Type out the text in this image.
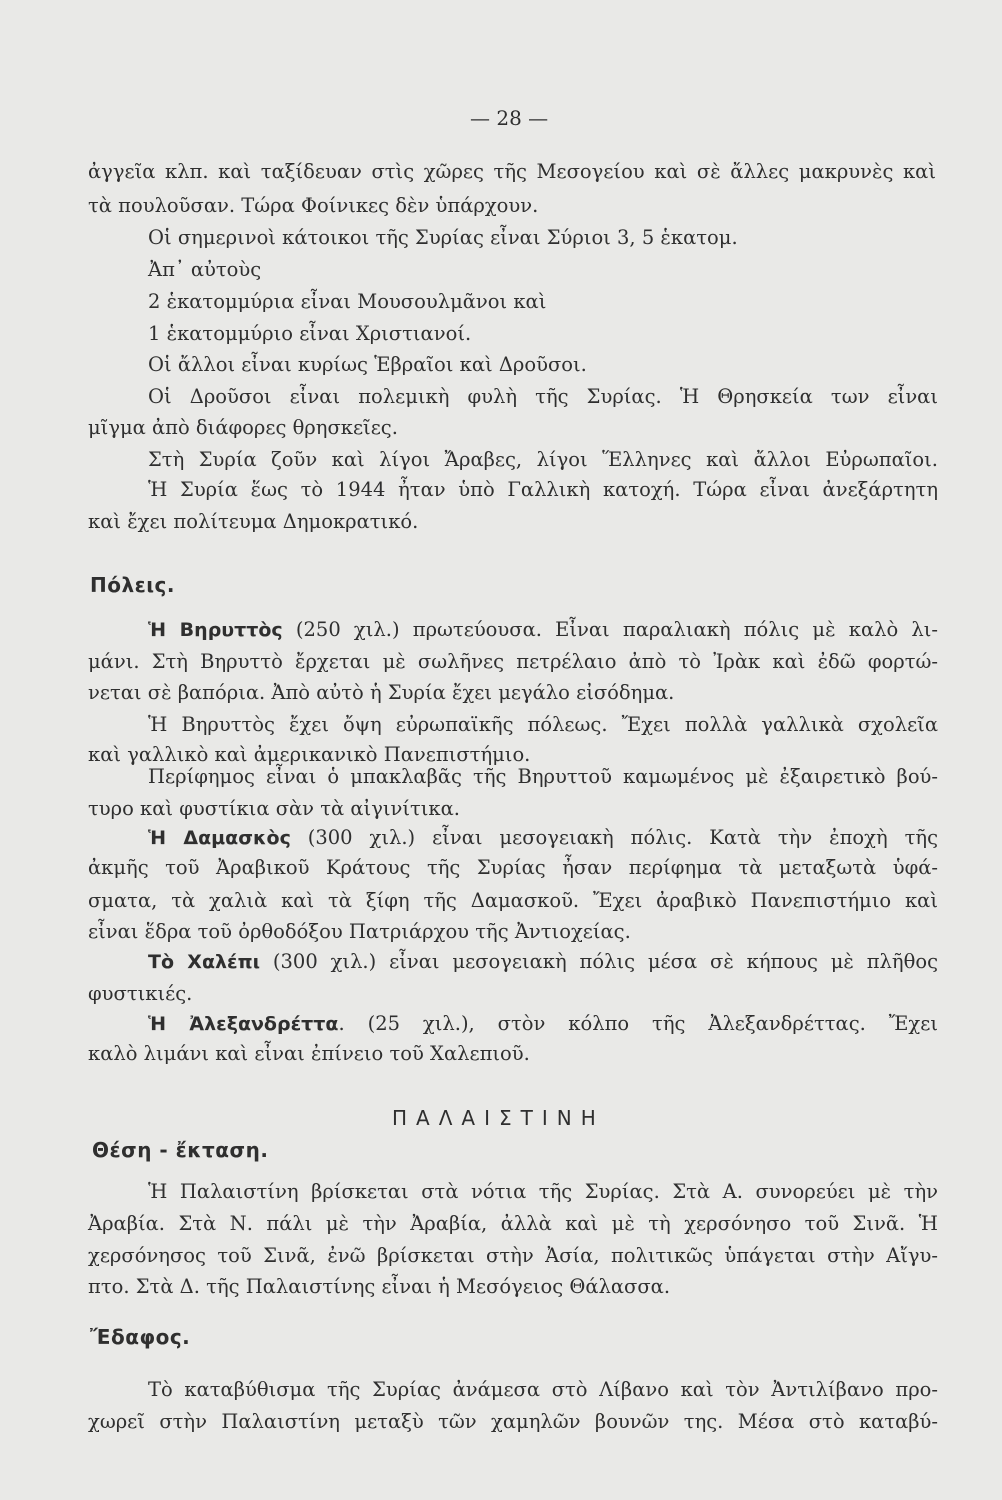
— 28 —

ἀγγεῖα κλπ. καὶ ταξίδευαν στὶς χῶρες τῆς Μεσογείου καὶ σὲ ἄλλες μακρυνὲς καὶ

τὰ πουλοῦσαν. Τώρα Φοίνικες δὲν ὑπάρχουν.

Οἱ σημερινοὶ κάτοικοι τῆς Συρίας εἶναι Σύριοι 3, 5 ἑκατομ.

Ἀπ᾿ αὐτοὺς

2 ἑκατομμύρια εἶναι Μουσουλμᾶνοι καὶ

1 ἑκατομμύριο εἶναι Χριστιανοί.

Οἱ ἄλλοι εἶναι κυρίως Ἑβραῖοι καὶ Δροῦσοι.

Οἱ Δροῦσοι εἶναι πολεμικὴ φυλὴ τῆς Συρίας. Ἡ Θρησκεία των εἶναι

μῖγμα ἀπὸ διάφορες θρησκεῖες.

Στὴ Συρία ζοῦν καὶ λίγοι Ἄραβες, λίγοι Ἕλληνες καὶ ἄλλοι Εὐρωπαῖοι.

Ἡ Συρία ἕως τὸ 1944 ἦταν ὑπὸ Γαλλικὴ κατοχή. Τώρα εἶναι ἀνεξάρτητη

καὶ ἔχει πολίτευμα Δημοκρατικό.

Πόλεις.

Ἡ Βηρυττὸς (250 χιλ.) πρωτεύουσα. Εἶναι παραλιακὴ πόλις μὲ καλὸ λι-

μάνι. Στὴ Βηρυττὸ ἔρχεται μὲ σωλῆνες πετρέλαιο ἀπὸ τὸ Ἰρὰκ καὶ ἐδῶ φορτώ-

νεται σὲ βαπόρια. Ἀπὸ αὐτὸ ἡ Συρία ἔχει μεγάλο εἰσόδημα.

Ἡ Βηρυττὸς ἔχει ὄψη εὐρωπαϊκῆς πόλεως. Ἔχει πολλὰ γαλλικὰ σχολεῖα

καὶ γαλλικὸ καὶ ἀμερικανικὸ Πανεπιστήμιο.

Περίφημος εἶναι ὁ μπακλαβᾶς τῆς Βηρυττοῦ καμωμένος μὲ ἐξαιρετικὸ βού-

τυρο καὶ φυστίκια σὰν τὰ αἰγινίτικα.

Ἡ Δαμασκὸς (300 χιλ.) εἶναι μεσογειακὴ πόλις. Κατὰ τὴν ἐποχὴ τῆς

ἀκμῆς τοῦ Ἀραβικοῦ Κράτους τῆς Συρίας ἦσαν περίφημα τὰ μεταξωτὰ ὑφά-

σματα, τὰ χαλιὰ καὶ τὰ ξίφη τῆς Δαμασκοῦ. Ἔχει ἀραβικὸ Πανεπιστήμιο καὶ

εἶναι ἕδρα τοῦ ὀρθοδόξου Πατριάρχου τῆς Ἀντιοχείας.

Τὸ Χαλέπι (300 χιλ.) εἶναι μεσογειακὴ πόλις μέσα σὲ κήπους μὲ πλῆθος

φυστικιές.

Ἡ Ἀλεξανδρέττα. (25 χιλ.), στὸν κόλπο τῆς Ἀλεξανδρέττας. Ἔχει

καλὸ λιμάνι καὶ εἶναι ἐπίνειο τοῦ Χαλεπιοῦ.

ΠΑΛΑΙΣΤΙΝΗ
Θέση - ἔκταση.

Ἡ Παλαιστίνη βρίσκεται στὰ νότια τῆς Συρίας. Στὰ Α. συνορεύει μὲ τὴν

Ἀραβία. Στὰ Ν. πάλι μὲ τὴν Ἀραβία, ἀλλὰ καὶ μὲ τὴ χερσόνησο τοῦ Σινᾶ. Ἡ

χερσόνησος τοῦ Σινᾶ, ἐνῶ βρίσκεται στὴν Ἀσία, πολιτικῶς ὑπάγεται στὴν Αἴγυ-

πτο. Στὰ Δ. τῆς Παλαιστίνης εἶναι ἡ Μεσόγειος Θάλασσα.

Ἔδαφος.

Τὸ καταβύθισμα τῆς Συρίας ἀνάμεσα στὸ Λίβανο καὶ τὸν Ἀντιλίβανο προ-

χωρεῖ στὴν Παλαιστίνη μεταξὺ τῶν χαμηλῶν βουνῶν της. Μέσα στὸ καταβύ-
